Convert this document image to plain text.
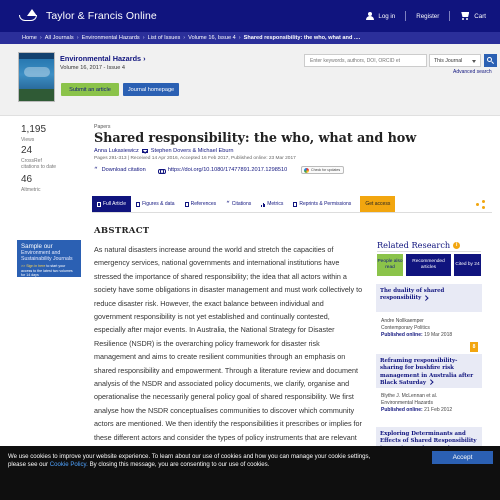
Taylor & Francis Online	Log in	Register	Cart
Home › All Journals › Environmental Hazards › List of Issues › Volume 16, Issue 4 › Shared responsibility: the who, what and ....
Environmental Hazards ›
Volume 16, 2017 - Issue 4
Submit an article	Journal homepage
Enter keywords, authors, DOI, ORCID et
This Journal
Advanced search
1,195
Views
24
CrossRef citations to date
46
Altmetric
Papers
Shared responsibility: the who, what and how
Anna Lukasiewicz Stephen Dovers & Michael Eburn
Pages 291-313 | Received 14 Apr 2016, Accepted 16 Feb 2017, Published online: 23 Mar 2017
“ Download citation	https://doi.org/10.1080/17477891.2017.1298510	Check for updates
Full Article	Figures & data	References “ Citations	Metrics	Reprints & Permissions	Get access
Sample our
Environment and Sustainability Journals
>> Sign in here to start your access to the latest two volumes for 14 days
ABSTRACT
As natural disasters increase around the world and stretch the capacities of emergency services, national governments and international institutions have stressed the importance of shared responsibility; the idea that all actors within a society have some obligations in disaster management and must work collectively to reduce disaster risk. However, the exact balance between individual and government responsibility is not yet established and continually contested, especially after major events. In Australia, the National Strategy for Disaster Resilience (NSDR) is the overarching policy framework for disaster risk management and aims to create resilient communities through an emphasis on shared responsibility and empowerment. Through a literature review and document analysis of the NSDR and associated policy documents, we clarify, organise and operationalise the necessarily general policy goal of shared responsibility. We first analyse how the NSDR conceptualises communities to discover which community actors are mentioned. We then identify the responsibilities it prescribes or implies for these different actors and consider the types of policy instruments that are relevant
Related Research	i
People also read
Recommended articles
Cited by 24
The duality of shared responsibility
Andre Nollkaemper
Contemporary Politics
Published online: 19 Mar 2018
8
Reframing responsibility-sharing for bushfire risk management in Australia after Black Saturday
Blythe J. McLennan et al.
Environmental Hazards
Published online: 21 Feb 2012
Exploring Determinants and Effects of Shared Responsibility
We use cookies to improve your website experience. To learn about our use of cookies and how you can manage your cookie settings,
please see our Cookie Policy. By closing this message, you are consenting to our use of cookies.
Accept
